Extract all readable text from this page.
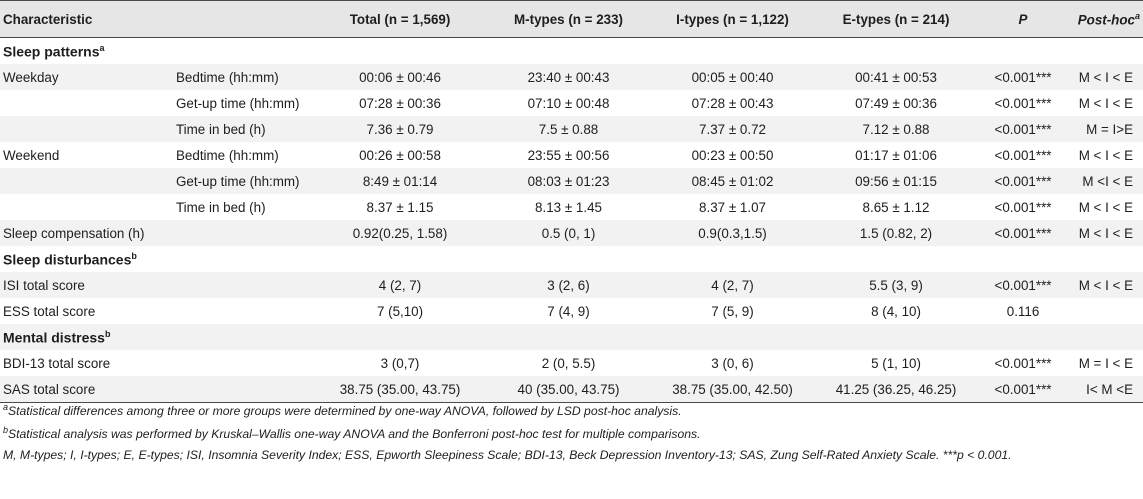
Characteristic		Total (n = 1,569)	M-types (n = 233)	I-types (n = 1,122)	E-types (n = 214)	P	Post-hoc$^a$
Sleep patterns$^a$
Weekday	Bedtime (hh:mm)	00:06 ± 00:46	23:40 ± 00:43	00:05 ± 00:40	00:41 ± 00:53	<0.001***	M < I < E
	Get-up time (hh:mm)	07:28 ± 00:36	07:10 ± 00:48	07:28 ± 00:43	07:49 ± 00:36	<0.001***	M < I < E
	Time in bed (h)	7.36 ± 0.79	7.5 ± 0.88	7.37 ± 0.72	7.12 ± 0.88	<0.001***	M = I>E
Weekend	Bedtime (hh:mm)	00:26 ± 00:58	23:55 ± 00:56	00:23 ± 00:50	01:17 ± 01:06	<0.001***	M < I < E
	Get-up time (hh:mm)	8:49 ± 01:14	08:03 ± 01:23	08:45 ± 01:02	09:56 ± 01:15	<0.001***	M <I < E
	Time in bed (h)	8.37 ± 1.15	8.13 ± 1.45	8.37 ± 1.07	8.65 ± 1.12	<0.001***	M < I < E
Sleep compensation (h)		0.92(0.25, 1.58)	0.5 (0, 1)	0.9(0.3,1.5)	1.5 (0.82, 2)	<0.001***	M < I < E
Sleep disturbances$^b$
ISI total score		4 (2, 7)	3 (2, 6)	4 (2, 7)	5.5 (3, 9)	<0.001***	M < I < E
ESS total score		7 (5,10)	7 (4, 9)	7 (5, 9)	8 (4, 10)	0.116	
Mental distress$^b$
BDI-13 total score		3 (0,7)	2 (0, 5.5)	3 (0, 6)	5 (1, 10)	<0.001***	M = I < E
SAS total score		38.75 (35.00, 43.75)	40 (35.00, 43.75)	38.75 (35.00, 42.50)	41.25 (36.25, 46.25)	<0.001***	I< M <E
$^a$Statistical differences among three or more groups were determined by one-way ANOVA, followed by LSD post-hoc analysis.
$^b$Statistical analysis was performed by Kruskal–Wallis one-way ANOVA and the Bonferroni post-hoc test for multiple comparisons.
M, M-types; I, I-types; E, E-types; ISI, Insomnia Severity Index; ESS, Epworth Sleepiness Scale; BDI-13, Beck Depression Inventory-13; SAS, Zung Self-Rated Anxiety Scale. ***p < 0.001.
